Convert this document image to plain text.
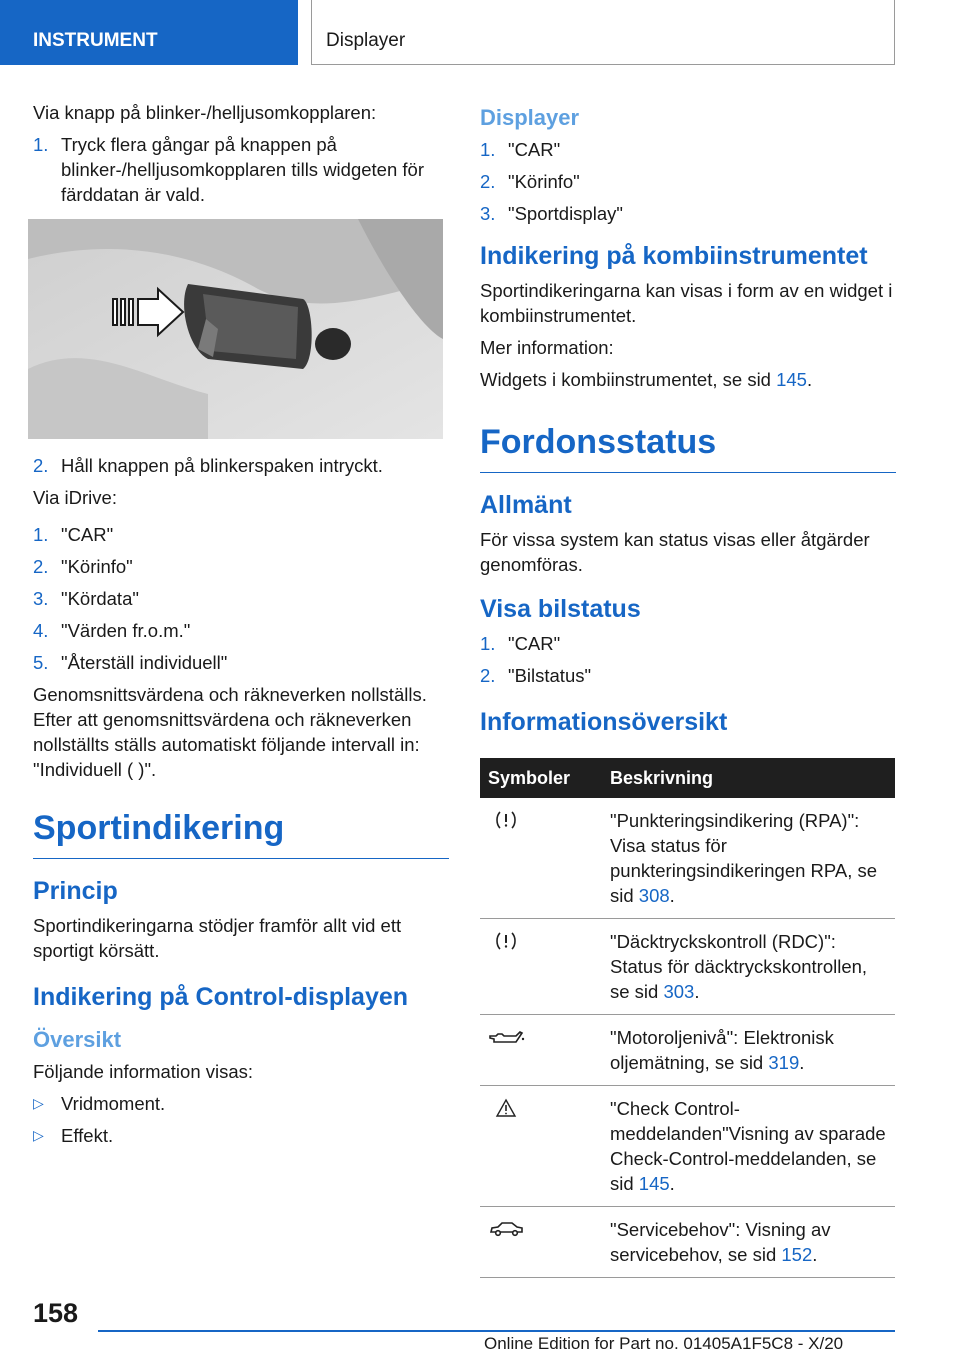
INSTRUMENT	Displayer

Via knapp på blinker-/helljusomkopplaren:

1. Tryck flera gångar på knappen på blinker-/helljusomkopplaren tills widgeten för färddatan är vald.
2. Håll knappen på blinkerspaken intryckt.

Via iDrive:

1. "CAR"
2. "Körinfo"
3. "Kördata"
4. "Värden fr.o.m."
5. "Återställ individuell"

Genomsnittsvärdena och räkneverken nollställs. Efter att genomsnittsvärdena och räkneverken nollställts ställs automatiskt följande intervall in: "Individuell ( )".

Sportindikering
Princip

Sportindikeringarna stödjer framför allt vid ett sportigt körsätt.

Indikering på Control-displayen
Översikt

Följande information visas:

▷ Vridmoment.
▷ Effekt.
Displayer
1. "CAR"
2. "Körinfo"
3. "Sportdisplay"
Indikering på kombiinstrumentet

Sportindikeringarna kan visas i form av en widget i kombiinstrumentet.

Mer information:

Widgets i kombiinstrumentet, se sid 145.

Fordonsstatus
Allmänt

För vissa system kan status visas eller åtgärder genomföras.

Visa bilstatus
1. "CAR"
2. "Bilstatus"
Informationsöversikt
Symboler	Beskrivning

	"Punkteringsindikering (RPA)": Visa status för punkteringsindikeringen RPA, se sid 308.

	"Däcktryckskontroll (RDC)": Status för däcktryckskontrollen, se sid 303.

	"Motoroljenivå": Elektronisk oljemätning, se sid 319.

	"Check Control-meddelanden"Visning av sparade Check-Control-meddelanden, se sid 145.

	"Servicebehov": Visning av servicebehov, se sid 152.
158
Online Edition for Part no. 01405A1F5C8 - X/20
